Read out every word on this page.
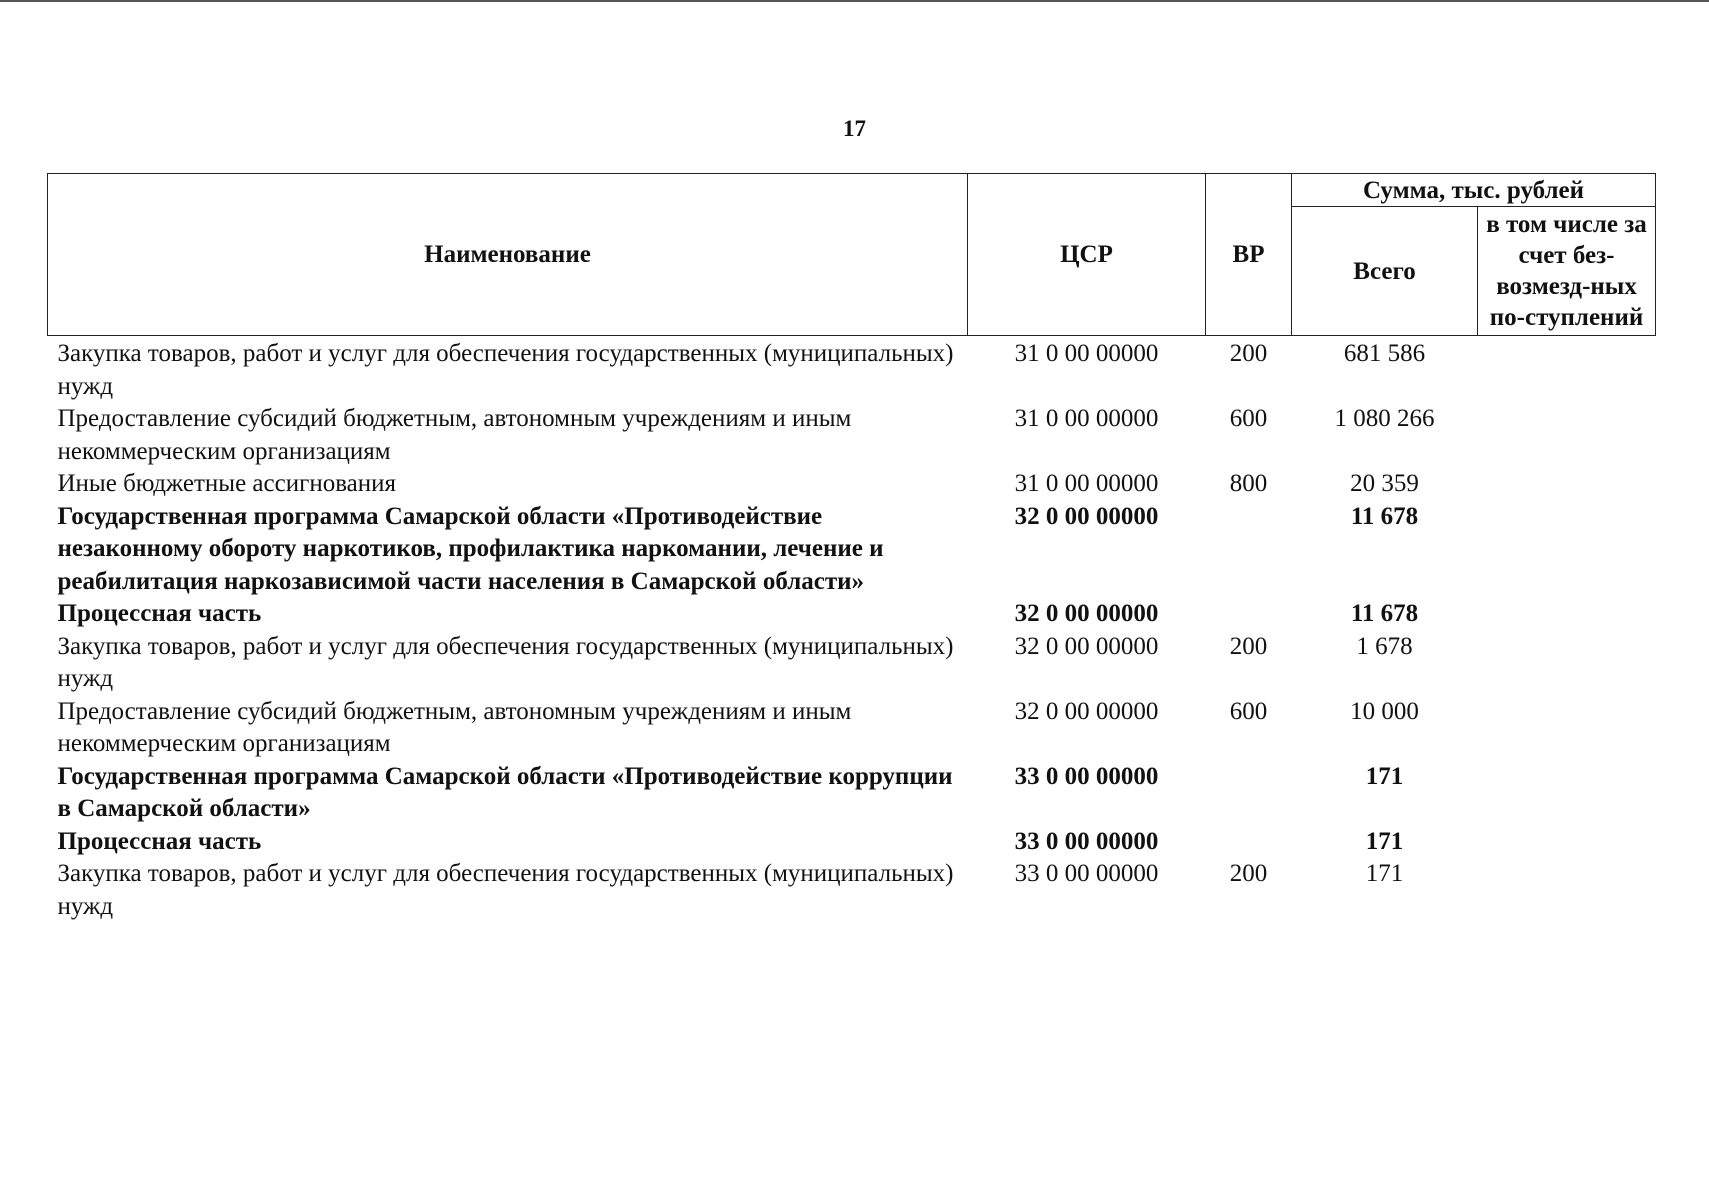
17
Наименование	ЦСР	ВР	Сумма, тыс. рублей	
			Всего	в том числе за счет без-возмезд-ных по-ступлений
Закупка товаров, работ и услуг для обеспечения государственных (муниципальных) нужд	31 0 00 00000	200	681 586	
Предоставление субсидий бюджетным, автономным учреждениям и иным некоммерческим организациям	31 0 00 00000	600	1 080 266	
Иные бюджетные ассигнования	31 0 00 00000	800	20 359	
Государственная программа Самарской области «Противодействие незаконному обороту наркотиков, профилактика наркомании, лечение и реабилитация наркозависимой части населения в Самарской области»	32 0 00 00000		11 678	
Процессная часть	32 0 00 00000		11 678	
Закупка товаров, работ и услуг для обеспечения государственных (муниципальных) нужд	32 0 00 00000	200	1 678	
Предоставление субсидий бюджетным, автономным учреждениям и иным некоммерческим организациям	32 0 00 00000	600	10 000	
Государственная программа Самарской области «Противодействие коррупции в Самарской области»	33 0 00 00000		171	
Процессная часть	33 0 00 00000		171	
Закупка товаров, работ и услуг для обеспечения государственных (муниципальных) нужд	33 0 00 00000	200	171	
